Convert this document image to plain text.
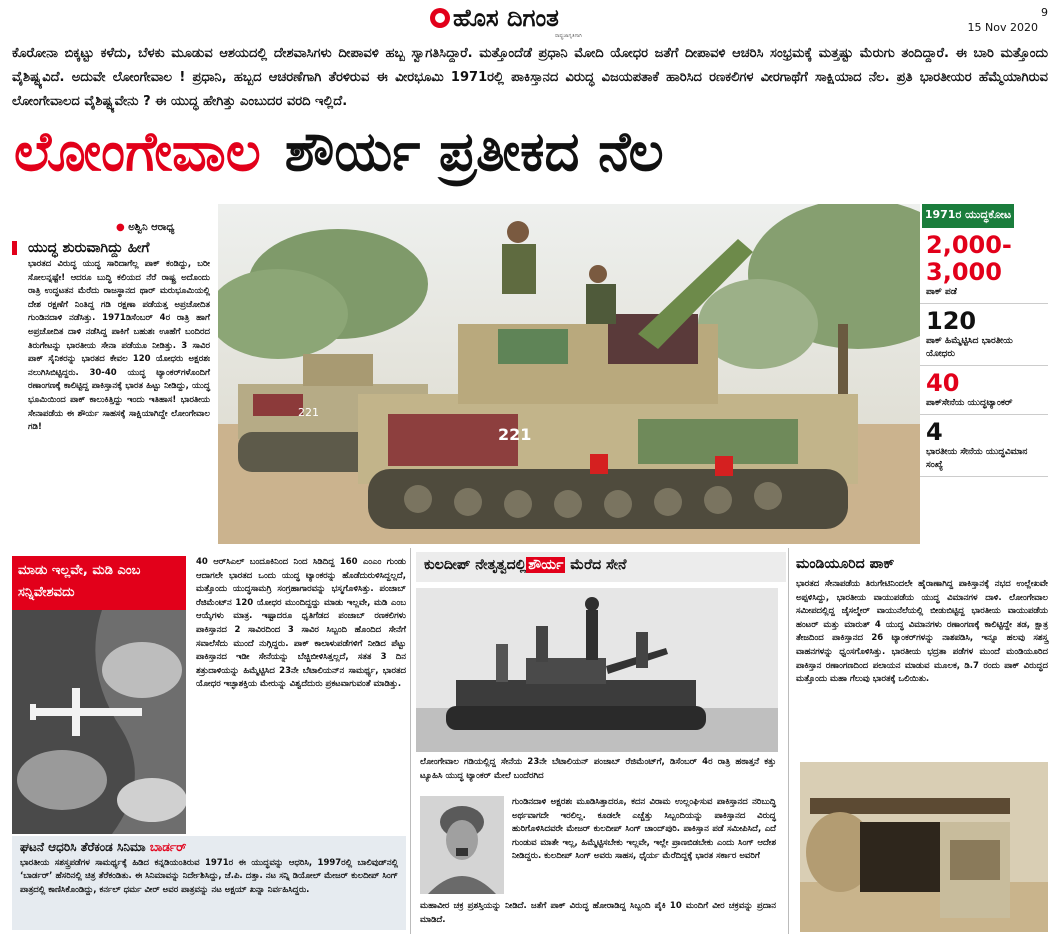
ಹೊಸ ದಿಗಂತ
ರಾಷ್ಟ್ರಜಾಗೃತಿಗಾಗಿ
9
15 Nov 2020
ಕೊರೋನಾ ಬಿಕ್ಕಟ್ಟು ಕಳೆದು, ಬೆಳಕು ಮೂಡುವ ಆಶಯದಲ್ಲಿ ದೇಶವಾಸಿಗಳು ದೀಪಾವಳಿ ಹಬ್ಬ ಸ್ವಾಗತಿಸಿದ್ದಾರೆ. ಮತ್ತೊಂದೆಡೆ ಪ್ರಧಾನಿ ಮೋದಿ ಯೋಧರ ಜತೆಗೆ ದೀಪಾವಳಿ ಆಚರಿಸಿ ಸಂಭ್ರಮಕ್ಕೆ ಮತ್ತಷ್ಟು ಮೆರುಗು ತಂದಿದ್ದಾರೆ. ಈ ಬಾರಿ ಮತ್ತೊಂದು ವೈಶಿಷ್ಟ್ಯವಿದೆ. ಅದುವೇ ಲೋಂಗೇವಾಲ ! ಪ್ರಧಾನಿ, ಹಬ್ಬದ ಆಚರಣೆಗಾಗಿ ತೆರಳಿರುವ ಈ ವೀರಭೂಮಿ 1971ರಲ್ಲಿ ಪಾಕಿಸ್ತಾನದ ವಿರುದ್ಧ ವಿಜಯಪತಾಕೆ ಹಾರಿಸಿದ ರಣಕಲಿಗಳ ವೀರಗಾಥೆಗೆ ಸಾಕ್ಷಿಯಾದ ನೆಲ. ಪ್ರತಿ ಭಾರತೀಯರ ಹೆಮ್ಮೆಯಾಗಿರುವ ಲೋಂಗೇವಾಲದ ವೈಶಿಷ್ಟ್ಯವೇನು ? ಈ ಯುದ್ಧ ಹೇಗಿತ್ತು ಎಂಬುದರ ವರದಿ ಇಲ್ಲಿದೆ.
ಲೋಂಗೇವಾಲ ಶೌರ್ಯ ಪ್ರತೀಕದ ನೆಲ
● ಅಶ್ವಿನಿ ಆರಾಧ್ಯ
ಯುದ್ಧ ಶುರುವಾಗಿದ್ದು ಹೀಗೆ
ಭಾರತದ ವಿರುದ್ಧ ಯುದ್ಧ ಸಾರಿದಾಗೆಲ್ಲ ಪಾಕ್ ಕಂಡಿದ್ದು, ಬರೀ ಸೋಲನ್ನಷ್ಟೇ! ಆದರೂ ಬುದ್ಧಿ ಕಲಿಯದ ನೆರೆ ರಾಷ್ಟ್ರ ಅದೊಂದು ರಾತ್ರಿ ಉದ್ಧಟತನ ಮೆರೆದು ರಾಜಸ್ಥಾನದ ಥಾರ್ ಮರುಭೂಮಿಯಲ್ಲಿ ದೇಶ ರಕ್ಷಣೆಗೆ ನಿಂತಿದ್ದ ಗಡಿ ರಕ್ಷಣಾ ಪಡೆಯತ್ತ ಅಪ್ರಚೋದಿತ ಗುಂಡಿನದಾಳಿ ನಡೆಸಿತ್ತು. 1971ಡಿಸೆಂಬರ್ 4ರ ರಾತ್ರಿ ಹಾಗೆ ಅಪ್ರಚೋದಿತ ದಾಳಿ ನಡೆಸಿದ್ದ ಪಾಕಿಗೆ ಬಹುಶಃ ಊಹೆಗೆ ಬಂದಿರದ ತಿರುಗೇಟನ್ನು ಭಾರತೀಯ ಸೇನಾ ಪಡೆಯೂ ನೀಡಿತ್ತು. 3 ಸಾವಿರ ಪಾಕ್ ಸೈನಿಕರನ್ನು ಭಾರತದ ಕೇವಲ 120 ಯೋಧರು ಅಕ್ಷರಶಃ ನಲುಗಿಸಿಬಿಟ್ಟಿದ್ದರು. 30-40 ಯುದ್ಧ ಟ್ಯಾಂಕರ್‌ಗಳೊಂದಿಗೆ ರಣಾಂಗಣಕ್ಕೆ ಕಾಲಿಟ್ಟಿದ್ದ ಪಾಕಿಸ್ತಾನಕ್ಕೆ ಭಾರತ ಹಿಟ್ಟು ನೀಡಿದ್ದು, ಯುದ್ಧ ಭೂಮಿಯಿಂದ ಪಾಕ್ ಕಾಲುಕಿತ್ತಿದ್ದು ಇಂದು ಇತಿಹಾಸ! ಭಾರತೀಯ ಸೇನಾಪಡೆಯ ಈ ಶೌರ್ಯ ಸಾಹಸಕ್ಕೆ ಸಾಕ್ಷಿಯಾಗಿದ್ದೇ ಲೋಂಗೇವಾಲ ಗಡಿ!
221
221
1971ರ ಯುದ್ಧಕೋಟ
2,000-3,000
ಪಾಕ್ ಪಡೆ
120
ಪಾಕ್ ಹಿಮ್ಮೆಟ್ಟಿಸಿದ ಭಾರತೀಯ ಯೋಧರು
40
ಪಾಕ್‌ಸೇನೆಯ ಯುದ್ಧಟ್ಯಾಂಕರ್
4
ಭಾರತೀಯ ಸೇನೆಯ ಯುದ್ಧವಿಮಾನ ಸಂಖ್ಯೆ
ಮಾಡು ಇಲ್ಲವೇ, ಮಡಿ ಎಂಬ ಸನ್ನಿವೇಶವದು
40 ಆರ್‌ಸಿಎಲ್ ಬಂದೂಕಿನಿಂದ ನಿಂದ ಸಿಡಿದಿದ್ದ 160 ಎಂಎಂ ಗುಂಡು ಆದಾಗಲೇ ಭಾರತದ ಒಂದು ಯುದ್ಧ ಟ್ಯಾಂಕರನ್ನು ಹೊಡೆದುರುಳಿಸಿದ್ದಲ್ಲದೆ, ಮತ್ತೊಂದು ಯುದ್ಧಸಾಮಗ್ರಿ ಸಂಗ್ರಹಾಗಾರವನ್ನು ಭಸ್ಮಗೊಳಿಸಿತ್ತು. ಪಂಜಾಬ್ ರೆಜಿಮೆಂಟ್‌ನ 120 ಯೋಧರ ಮುಂದಿದ್ದದ್ದು ಮಾಡು ಇಲ್ಲವೇ, ಮಡಿ ಎಂಬ ಆಯ್ಕೆಗಳು ಮಾತ್ರ. ಇಷ್ಟಾದರೂ ಧೃತಿಗೆಡದ ಪಂಜಾಬ್ ರಣಕಲಿಗಳು ಪಾಕಿಸ್ತಾನದ 2 ಸಾವಿರದಿಂದ 3 ಸಾವಿರ ಸಿಬ್ಬಂದಿ ಹೊಂದಿದ ಸೇನೆಗೆ ಸವಾಲೆಸೆದು ಮುಂದೆ ನುಗ್ಗಿದ್ದರು. ಪಾಕ್ ಕಾಲಾಳುಪಡೆಗಳಿಗೆ ನೀಡಿದ ಪೆಟ್ಟು ಪಾಕಿಸ್ತಾನದ ಇಡೀ ಸೇನೆಯನ್ನು ಬೆಚ್ಚಿಬೀಳಿಸಿತ್ತಲ್ಲದೆ, ಸತತ 3 ದಿನ ಶತ್ರುದಾಳಿಯನ್ನು ಹಿಮ್ಮೆಟ್ಟಿಸಿದ 23ನೇ ಬೆಟಾಲಿಯನ್‌ನ ಸಾಮರ್ಥ್ಯ, ಭಾರತದ ಯೋಧರ ಇಚ್ಛಾಶಕ್ತಿಯ ಮೇರುನ್ನು ವಿಶ್ವದೆದುರು ಪ್ರಕಟವಾಗುವಂತೆ ಮಾಡಿತ್ತು.
ಘಟನೆ ಆಧರಿಸಿ ತೆರೆಕಂಡ ಸಿನಿಮಾ ಬಾರ್ಡರ್
ಭಾರತೀಯ ಸಶಸ್ತ್ರಪಡೆಗಳ ಸಾಮರ್ಥ್ಯಕ್ಕೆ ಹಿಡಿದ ಕನ್ನಡಿಯಂತಿರುವ 1971ರ ಈ ಯುದ್ಧವನ್ನು ಆಧರಿಸಿ, 1997ರಲ್ಲಿ ಬಾಲಿವುಡ್‌ನಲ್ಲಿ ‘ಬಾರ್ಡರ್’ ಹೆಸರಿನಲ್ಲಿ ಚಿತ್ರ ತೆರೆಕಂಡಿತು. ಈ ಸಿನಿಮಾವನ್ನು ನಿರ್ದೇಶಿಸಿದ್ದು, ಜೆ.ಪಿ. ದತ್ತಾ. ನಟ ಸನ್ನಿ ಡಿಯೋಲ್ ಮೇಜರ್ ಕುಲದೀಪ್ ಸಿಂಗ್ ಪಾತ್ರದಲ್ಲಿ ಕಾಣಿಸಿಕೊಂಡಿದ್ದು, ಕರ್ನಲ್ ಧರ್ಮ ವೀರ್ ಅವರ ಪಾತ್ರವನ್ನು ನಟ ಅಕ್ಷಯ್ ಖನ್ನಾ ನಿರ್ವಹಿಸಿದ್ದರು.
ಕುಲದೀಪ್ ನೇತೃತ್ವದಲ್ಲಿ ಶೌರ್ಯ ಮೆರೆದ ಸೇನೆ
ಲೋಂಗೇವಾಲ ಗಡಿಯಲ್ಲಿದ್ದ ಸೇನೆಯ 23ನೇ ಬೆಟಾಲಿಯನ್ ಪಂಜಾಬ್ ರೆಜಿಮೆಂಟ್‌ಗೆ, ಡಿಸೆಂಬರ್ 4ರ ರಾತ್ರಿ ಹಠಾತ್ತನೆ ಕತ್ತು ಟ್ಯೂಹಿಸಿ ಯುದ್ಧ ಟ್ಯಾಂಕರ್ ಮೇಲೆ ಬಂದೆರಗಿದ
ಗುಂಡಿನದಾಳಿ ಅಕ್ಷರಶಃ ಮೂಡಿಸಿತ್ತಾದರೂ, ಕದನ ವಿರಾಮ ಉಲ್ಲಂಘಿಸುವ ಪಾಕಿಸ್ತಾನದ ನರಿಬುದ್ಧಿ ಅರ್ಥವಾಗದೇ ಇರಲಿಲ್ಲ. ಕೂಡಲೇ ಎಚ್ಚೆತ್ತು ಸಿಬ್ಬಂದಿಯನ್ನು ಪಾಕಿಸ್ತಾನದ ವಿರುದ್ಧ ಹುರಿಗೊಳಿಸಿದವರೇ ಮೇಜರ್ ಕುಲದೀಪ್ ಸಿಂಗ್ ಚಾಂದ್‌ಪುರಿ. ಪಾಕಿಸ್ತಾನ ಪಡೆ ಸಮೀಪಿಸಿದೆ, ಎದೆ ಗುಂಡುವ ಮಾತೇ ಇಲ್ಲ, ಹಿಮ್ಮೆಟ್ಟಿಸಬೇಕು ಇಲ್ಲವೇ, ಇಲ್ಲೇ ಪ್ರಾಣಬಿಡಬೇಕು ಎಂದು ಸಿಂಗ್ ಆದೇಶ ನೀಡಿದ್ದರು. ಕುಲದೀಪ್ ಸಿಂಗ್ ಅವರು ಸಾಹಸ, ಧೈರ್ಯ ಮೆರೆದಿದ್ದಕ್ಕೆ ಭಾರತ ಸರ್ಕಾರ ಅವರಿಗೆ
ಮಹಾವೀರ ಚಕ್ರ ಪ್ರಶಸ್ತಿಯನ್ನು ನೀಡಿದೆ. ಜತೆಗೆ ಪಾಕ್ ವಿರುದ್ಧ ಹೋರಾಡಿದ್ದ ಸಿಬ್ಬಂದಿ ಪೈಕಿ 10 ಮಂದಿಗೆ ವೀರ ಚಕ್ರವನ್ನು ಪ್ರದಾನ ಮಾಡಿದೆ.
ಮಂಡಿಯೂರಿದ ಪಾಕ್
ಭಾರತದ ಸೇನಾಪಡೆಯ ತಿರುಗೇಟಿನಿಂದಲೇ ಹೈರಾಣಾಗಿದ್ದ ಪಾಕಿಸ್ತಾನಕ್ಕೆ ನಭದ ಉಲ್ಲೇಖವೇ ಅಪ್ಪಳಿಸಿದ್ದು, ಭಾರತೀಯ ವಾಯುಪಡೆಯ ಯುದ್ಧ ವಿಮಾನಗಳ ದಾಳಿ. ಲೋಂಗೇವಾಲ ಸಮೀಪದಲ್ಲಿದ್ದ ಜೈಸಲ್ಮೇರ್ ವಾಯುನೆಲೆಯಲ್ಲಿ ಬೀಡುಬಿಟ್ಟಿದ್ದ ಭಾರತೀಯ ವಾಯುಪಡೆಯ ಹಂಟರ್ ಮತ್ತು ಮಾರುತ್ 4 ಯುದ್ಧ ವಿಮಾನಗಳು ರಣಾಂಗಣಕ್ಕೆ ಕಾಲಿಟ್ಟಿದ್ದೇ ತಡ, ಕ್ಷಾತ್ರ ತೇಜದಿಂದ ಪಾಕಿಸ್ತಾನದ 26 ಟ್ಯಾಂಕರ್‌ಗಳನ್ನು ನಾಶಪಡಿಸಿ, ಇನ್ನೂ ಹಲವು ಸಶಸ್ತ್ರ ವಾಹನಗಳನ್ನು ಧ್ವಂಸಗೊಳಿಸಿತ್ತು. ಭಾರತೀಯ ಭದ್ರತಾ ಪಡೆಗಳ ಮುಂದೆ ಮಂಡಿಯೂರಿದ ಪಾಕಿಸ್ತಾನ ರಣಾಂಗಣದಿಂದ ಪಲಾಯನ ಮಾಡುವ ಮೂಲಕ, ಡಿ.7 ರಂದು ಪಾಕ್ ವಿರುದ್ಧದ ಮತ್ತೊಂದು ಮಹಾ ಗೆಲುವು ಭಾರತಕ್ಕೆ ಒಲಿಯಿತು.
